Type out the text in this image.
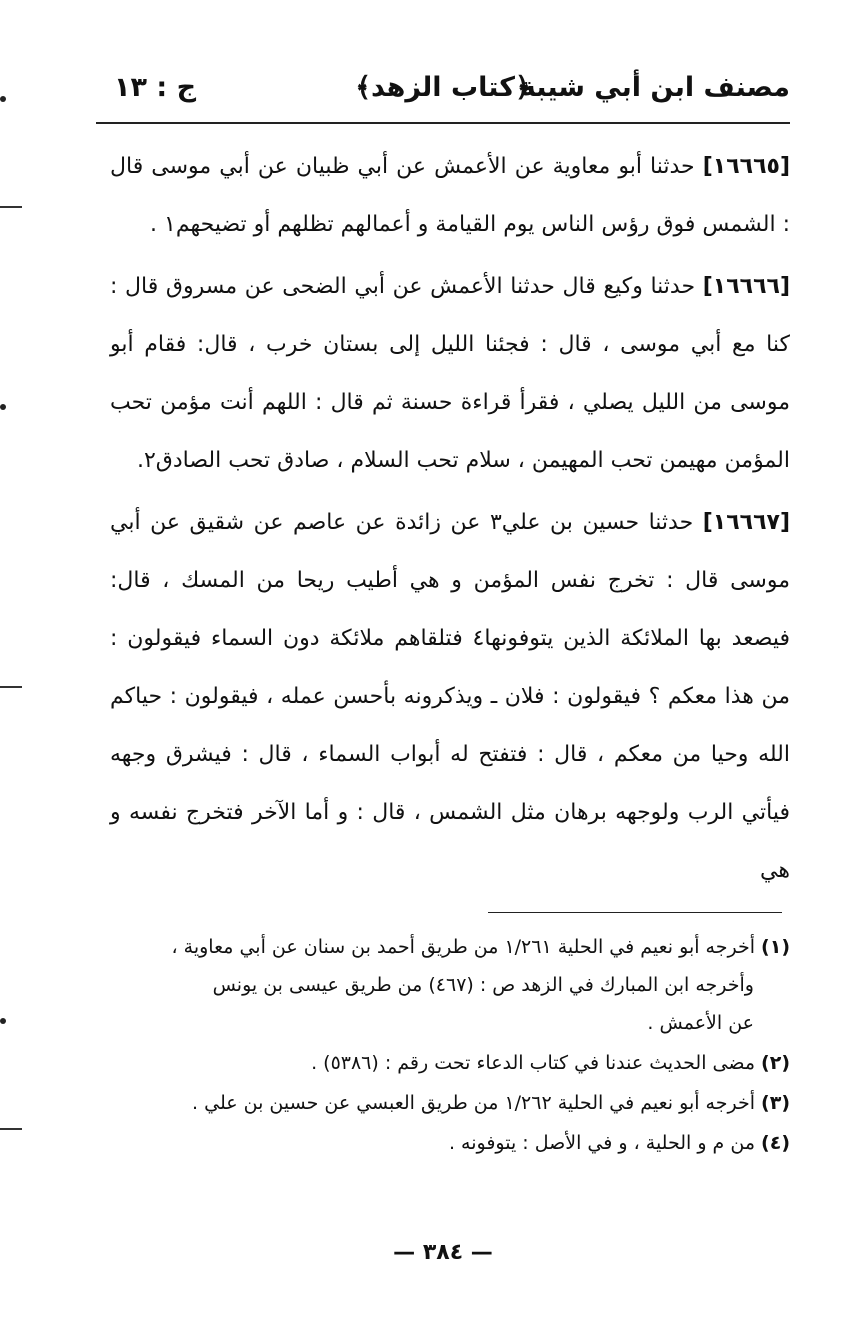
مصنف ابن أبي شيبة
﴿كتاب الزهد﴾
ج : ١٣

[١٦٦٦٥] حدثنا أبو معاوية عن الأعمش عن أبي ظبيان عن أبي موسى قال : الشمس فوق رؤس الناس يوم القيامة و أعمالهم تظلهم أو تضيحهم١ .

[١٦٦٦٦] حدثنا وكيع قال حدثنا الأعمش عن أبي الضحى عن مسروق قال : كنا مع أبي موسى ، قال : فجئنا الليل إلى بستان خرب ، قال: فقام أبو موسى من الليل يصلي ، فقرأ قراءة حسنة ثم قال : اللهم أنت مؤمن تحب المؤمن مهيمن تحب المهيمن ، سلام تحب السلام ، صادق تحب الصادق٢.

[١٦٦٦٧] حدثنا حسين بن علي٣ عن زائدة عن عاصم عن شقيق عن أبي موسى قال : تخرج نفس المؤمن و هي أطيب ريحا من المسك ، قال: فيصعد بها الملائكة الذين يتوفونها٤ فتلقاهم ملائكة دون السماء فيقولون : من هذا معكم ؟ فيقولون : فلان ـ ويذكرونه بأحسن عمله ، فيقولون : حياكم الله وحيا من معكم ، قال : فتفتح له أبواب السماء ، قال : فيشرق وجهه فيأتي الرب ولوجهه برهان مثل الشمس ، قال : و أما الآخر فتخرج نفسه و هي

(١)أخرجه أبو نعيم في الحلية ١/٢٦١ من طريق أحمد بن سنان عن أبي معاوية ،
وأخرجه ابن المبارك في الزهد ص : (٤٦٧) من طريق عيسى بن يونس
عن الأعمش .
(٢)مضى الحديث عندنا في كتاب الدعاء تحت رقم : (٥٣٨٦) .
(٣)أخرجه أبو نعيم في الحلية ١/٢٦٢ من طريق العبسي عن حسين بن علي .
(٤)من م و الحلية ، و في الأصل : يتوفونه .
— ٣٨٤ —
